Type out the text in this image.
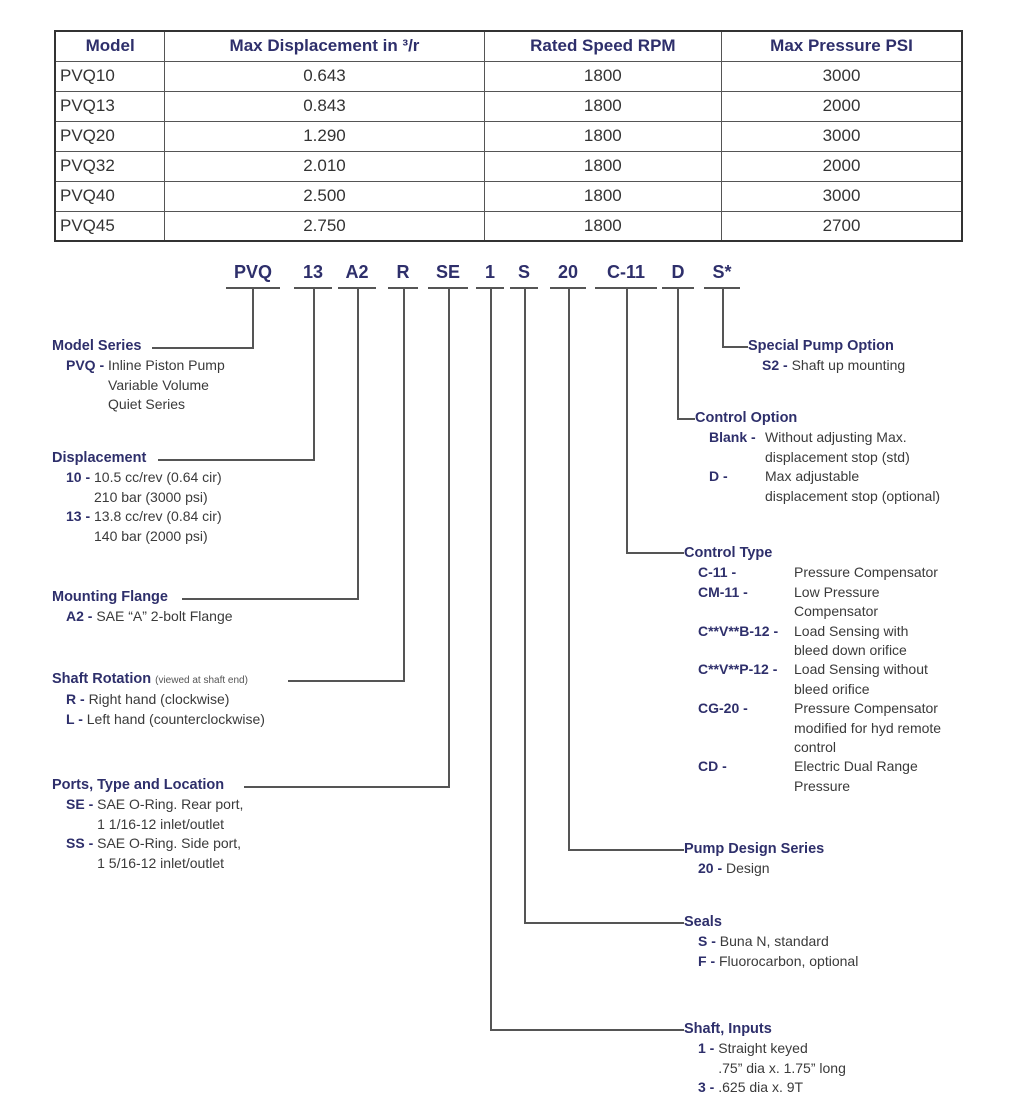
Model	Max Displacement in ³/r	Rated Speed RPM	Max Pressure PSI
PVQ10	0.643	1800	3000
PVQ13	0.843	1800	2000
PVQ20	1.290	1800	3000
PVQ32	2.010	1800	2000
PVQ40	2.500	1800	3000
PVQ45	2.750	1800	2700
PVQ	13	A2 R SE 1 S 20	C-11	D	S*
Model Series
PVQ -
Inline Piston Pump
Variable Volume
Quiet Series
Displacement
10 -
10.5 cc/rev (0.64 cir)
210 bar (3000 psi)
13 -
13.8 cc/rev (0.84 cir)
140 bar (2000 psi)
Mounting Flange
A2 -
SAE “A” 2-bolt Flange
Shaft Rotation (viewed at shaft end)
R -
Right hand (clockwise)
L -
Left hand (counterclockwise)
Ports, Type and Location
SE -
SAE O-Ring. Rear port,
1 1/16-12 inlet/outlet
SS -
SAE O-Ring. Side port,
1 5/16-12 inlet/outlet
Special Pump Option
S2 -
Shaft up mounting
Control Option
Blank - Without adjusting Max.
displacement stop (std)
D -	Max adjustable
displacement stop (optional)
Control Type
C-11 -	Pressure Compensator
CM-11 -	Low Pressure
Compensator
C**V**B-12 -	Load Sensing with
bleed down orifice
C**V**P-12 -	Load Sensing without
bleed orifice
CG-20 -	Pressure Compensator
modified for hyd remote
control
CD -	Electric Dual Range
Pressure
Pump Design Series
20 -
Design
Seals
S -
Buna N, standard
F -
Fluorocarbon, optional
Shaft, Inputs
1 -
Straight keyed
.75” dia x. 1.75” long
3 -
.625 dia x. 9T
